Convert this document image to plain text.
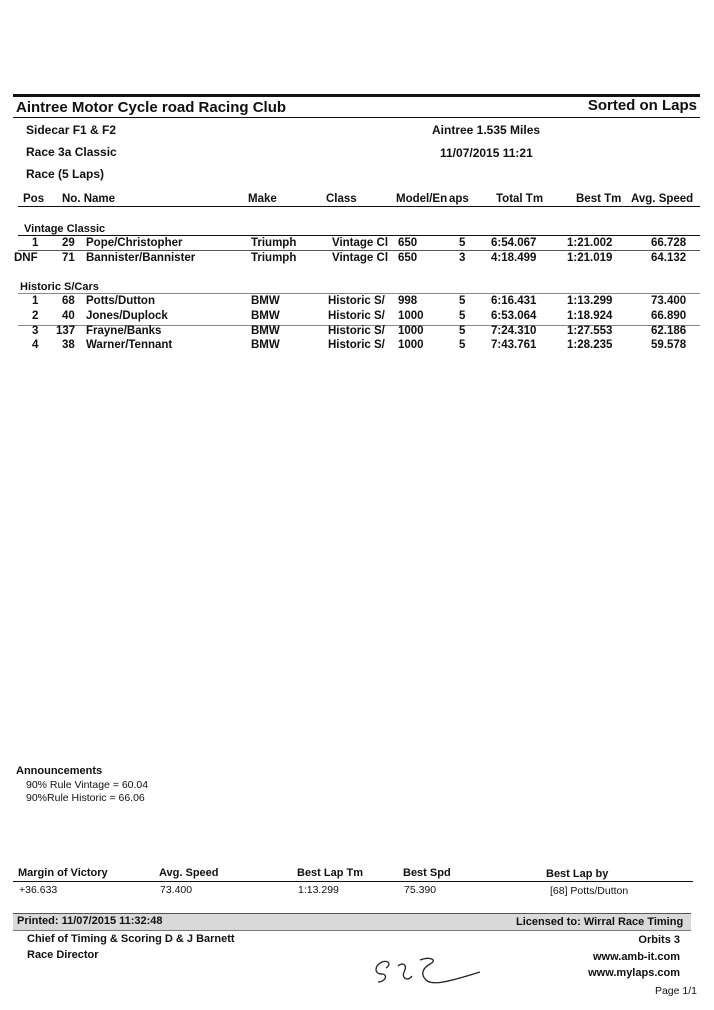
Aintree Motor Cycle road Racing Club	Sorted on Laps
Sidecar F1 & F2	Aintree 1.535 Miles
Race 3a Classic	11/07/2015 11:21
Race (5 Laps)
Pos No. Name	Make	Class	Model/En aps Total Tm	Best Tm Avg. Speed
Vintage Classic
1 29 Pope/Christopher	Triumph	Vintage Cl 650	5 6:54.067	1:21.002	66.728
DNF 71 Bannister/Bannister	Triumph	Vintage Cl 650	3 4:18.499	1:21.019	64.132
Historic S/Cars
1 68 Potts/Dutton	BMW	Historic S/ 998	5 6:16.431	1:13.299	73.400
2 40 Jones/Duplock	BMW	Historic S/ 1000	5 6:53.064	1:18.924	66.890
3 137 Frayne/Banks	BMW	Historic S/ 1000	5 7:24.310	1:27.553	62.186
4 38 Warner/Tennant	BMW	Historic S/ 1000	5 7:43.761	1:28.235	59.578
Announcements
90% Rule Vintage = 60.04
90%Rule Historic = 66.06
Margin of Victory	Avg. Speed	Best Lap Tm	Best Spd	Best Lap by
+36.633	73.400	1:13.299	75.390	[68] Potts/Dutton
Printed: 11/07/2015 11:32:48	Licensed to: Wirral Race Timing
Chief of Timing & Scoring D & J Barnett	Orbits 3
Race Director	www.amb-it.com
www.mylaps.com
Page 1/1
